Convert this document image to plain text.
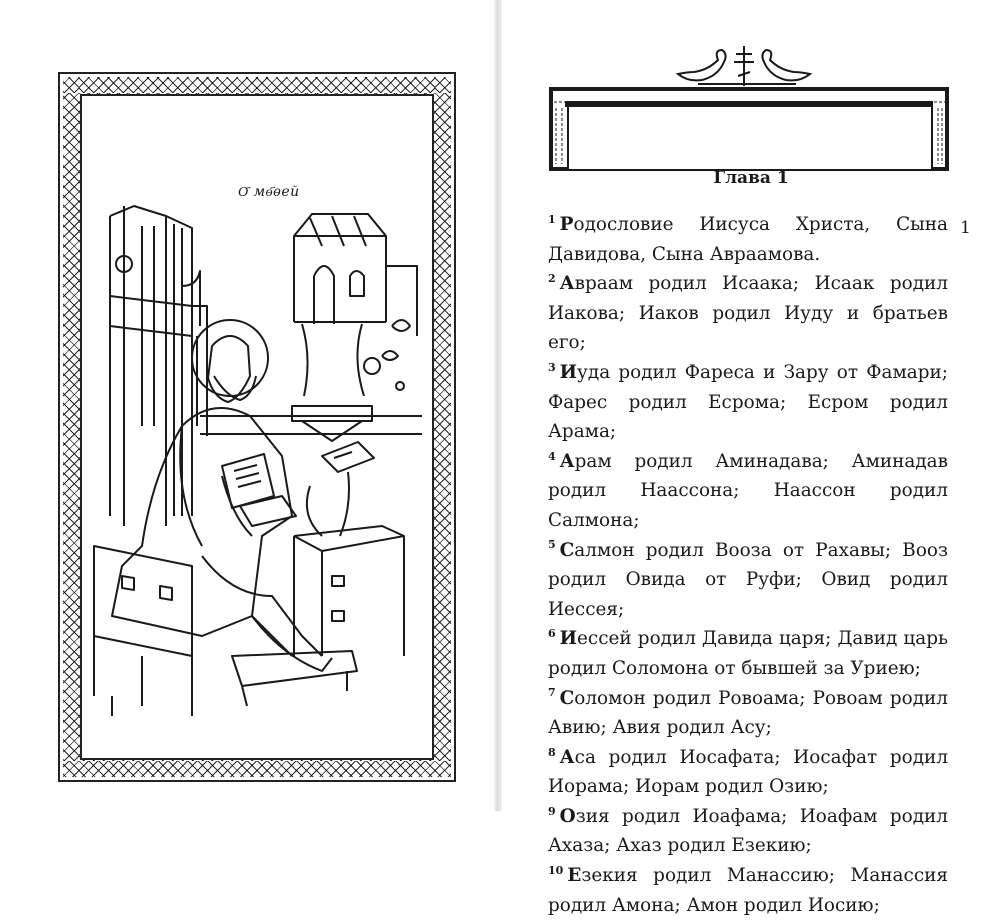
О҃ мѳ҃ѳей
Глава 1
1
$^1$ Родословие Иисуса Христа, Сына Давидова, Сына Авраамова.
$^2$ Авраам родил Исаака; Исаак родил Иакова; Иаков родил Иуду и братьев его;
$^3$ Иуда родил Фареса и Зару от Фамари; Фарес родил Есрома; Есром родил Арама;
$^4$ Арам родил Аминадава; Аминадав родил Наассона; Наассон родил Салмона;
$^5$ Салмон родил Вооза от Рахавы; Вооз родил Овида от Руфи; Овид родил Иессея;
$^6$ Иессей родил Давида царя; Давид царь родил Соломона от бывшей за Уриею;
$^7$ Соломон родил Ровоама; Ровоам родил Авию; Авия родил Асу;
$^8$ Аса родил Иосафата; Иосафат родил Иорама; Иорам родил Озию;
$^9$ Озия родил Иоафама; Иоафам родил Ахаза; Ахаз родил Езекию;
$^{10}$ Езекия родил Манассию; Манассия родил Амона; Амон родил Иосию;
